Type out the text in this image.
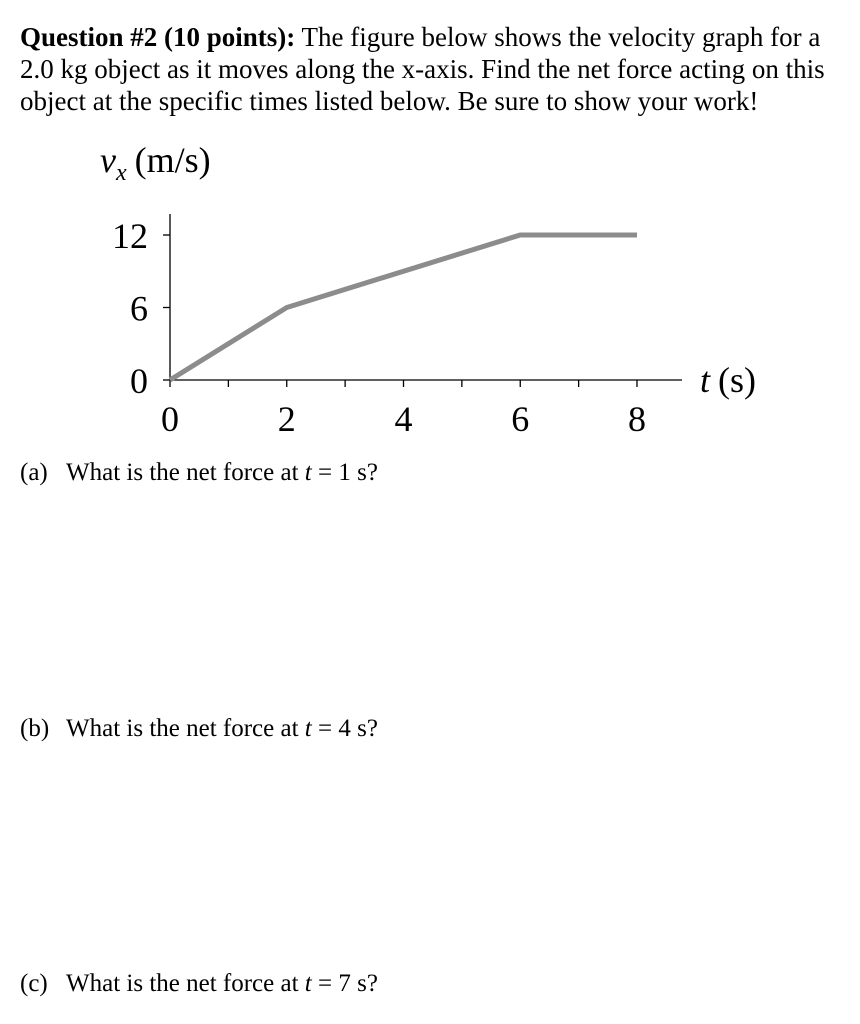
Question #2 (10 points): The figure below shows the velocity graph for a 2.0 kg object as it moves along the x-axis. Find the net force acting on this object at the specific times listed below. Be sure to show your work!

$v_x$ (m/s)
0
6
12
0	2	4	6	8
t (s)

(a) What is the net force at t = 1 s?

(b) What is the net force at t = 4 s?

(c) What is the net force at t = 7 s?
